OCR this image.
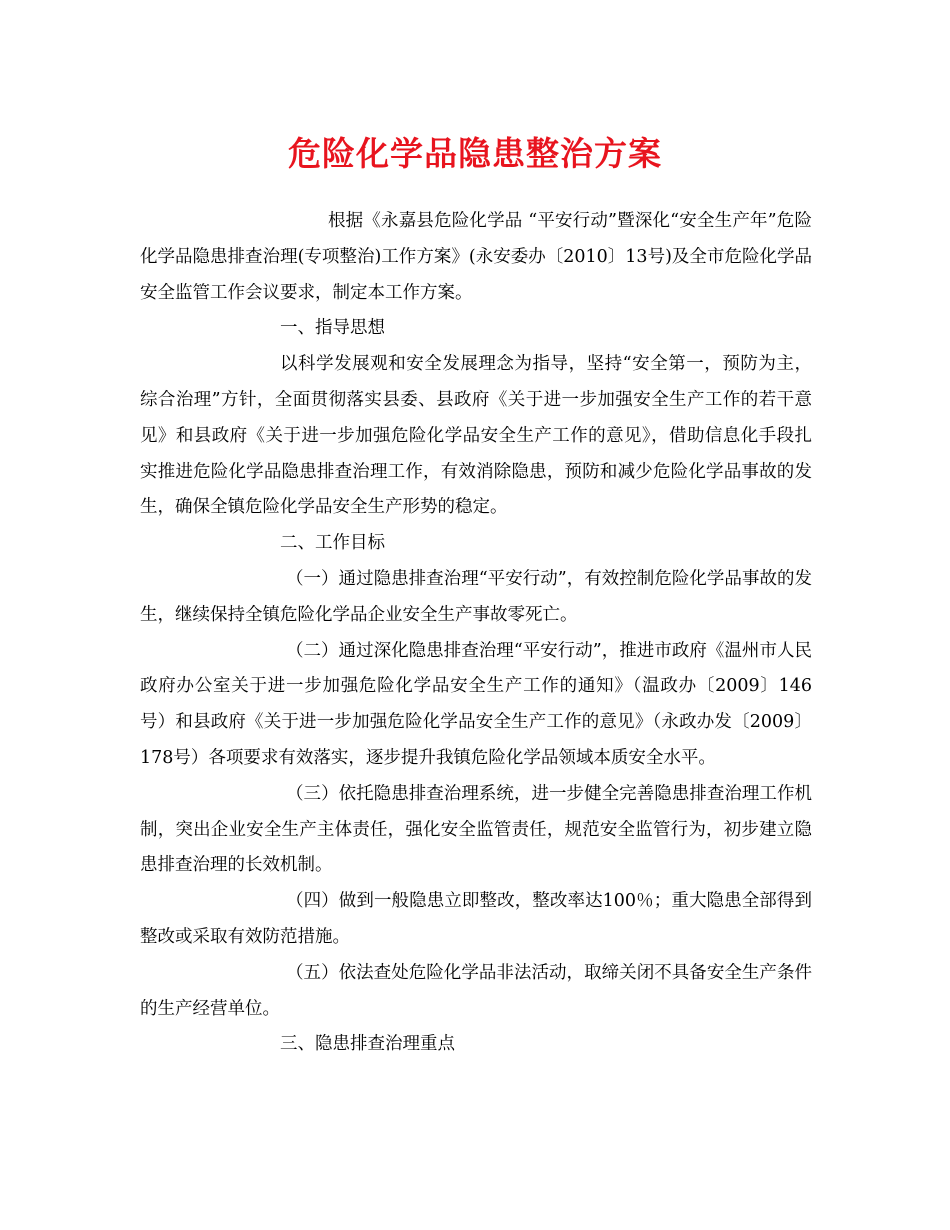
危险化学品隐患整治方案

根据《永嘉县危险化学品 “平安行动”暨深化“安全生产年”危险化学品隐患排查治理(专项整治)工作方案》(永安委办〔2010〕13号)及全市危险化学品安全监管工作会议要求，制定本工作方案。

一、指导思想

以科学发展观和安全发展理念为指导，坚持“安全第一，预防为主，综合治理”方针，全面贯彻落实县委、县政府《关于进一步加强安全生产工作的若干意见》和县政府《关于进一步加强危险化学品安全生产工作的意见》，借助信息化手段扎实推进危险化学品隐患排查治理工作，有效消除隐患，预防和减少危险化学品事故的发生，确保全镇危险化学品安全生产形势的稳定。

二、工作目标

（一）通过隐患排查治理“平安行动”，有效控制危险化学品事故的发生，继续保持全镇危险化学品企业安全生产事故零死亡。

（二）通过深化隐患排查治理“平安行动”，推进市政府《温州市人民政府办公室关于进一步加强危险化学品安全生产工作的通知》（温政办〔2009〕146号）和县政府《关于进一步加强危险化学品安全生产工作的意见》（永政办发〔2009〕178号）各项要求有效落实，逐步提升我镇危险化学品领域本质安全水平。

（三）依托隐患排查治理系统，进一步健全完善隐患排查治理工作机制，突出企业安全生产主体责任，强化安全监管责任，规范安全监管行为，初步建立隐患排查治理的长效机制。

（四）做到一般隐患立即整改，整改率达100％；重大隐患全部得到整改或采取有效防范措施。

（五）依法查处危险化学品非法活动，取缔关闭不具备安全生产条件的生产经营单位。

三、隐患排查治理重点
